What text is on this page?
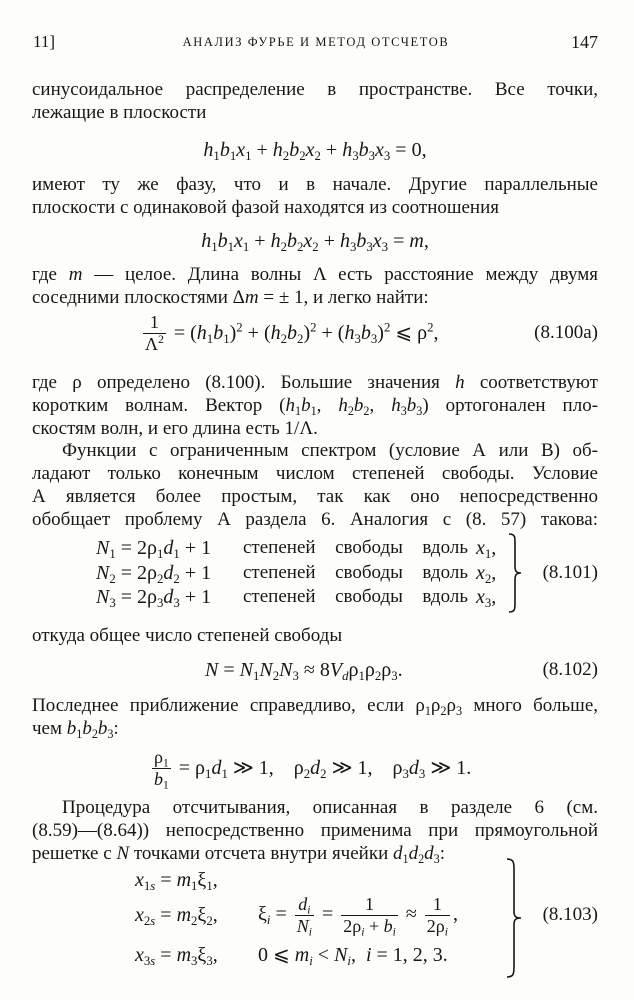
11]	АНАЛИЗ ФУРЬЕ И МЕТОД ОТСЧЕТОВ	147
синусоидальное распределение в пространстве. Все точки,
лежащие в плоскости
$h_1$ $b_1$ $x_1 + h_2$ $b_2$ $x_2 + h_3$ $b_3$ $x_3 = 0$,
имеют ту же фазу, что и в начале. Другие параллельные
плоскости с одинаковой фазой находятся из соотношения
$h_1$ $b_1$ $x_1 + h_2$ $b_2$ $x_2 + h_3$ $b_3$ $x_3 = m$ ,
где m — целое. Длина волны Λ есть расстояние между двумя
соседними плоскостями Δm = ± 1, и легко найти:
$\frac{1}{\Lambda^2}$ = ( $h_1$ $b_1$ )$^2$ + ( $h_2$ $b_2$ )$^2$ + ( $h_3$ $b_3$ )$^2$ ⩽ $\rho^2$ ,	(8.100a)
где ρ определено (8.100). Большие значения h соответствуют
коротким волнам. Вектор ($h_1b_1$, $h_2b_2$, $h_3b_3$) ортогонален пло-
скостям волн, и его длина есть 1/Λ.
Функции с ограниченным спектром (условие А или В) об-
ладают только конечным числом степеней свободы. Условие
А является более простым, так как оно непосредственно
обобщает проблему А раздела 6. Аналогия с (8. 57) такова:
$N_1 = 2\rho_1d_1 + 1$	степеней свободы вдоль $x_1$,
$N_2 = 2\rho_2d_2 + 1$	степеней свободы вдоль $x_2$,
$N_3 = 2\rho_3d_3 + 1$	степеней свободы вдоль $x_3$,
(8.101)
откуда общее число степеней свободы
$N = N_1$ $N_2$ $N_3 \approx 8$ $V_d$ $\rho_1$ $\rho_2$ $\rho_3$ .	(8.102)
Последнее приближение справедливо, если $\rho_1\rho_2\rho_3$ много больше,
чем $b_1b_2b_3$:
$\frac{\rho_1}{b_1} = \rho_1$ $d_1$ ≫ 1, $\rho_2$ $d_2$ ≫ 1, $\rho_3$ $d_3$ ≫ 1.
Процедура отсчитывания, описанная в разделе 6 (см.
(8.59)—(8.64)) непосредственно применима при прямоугольной
решетке с N точками отсчета внутри ячейки $d_1d_2d_3$:
$x_{1s} = m_1\xi_1$,
$x_{2s} = m_2\xi_2$,	$\xi_i = \frac{d_i}{N_i} = \frac{1}{2\rho_i + b_i} \approx \frac{1}{2\rho_i}$ ,
$x_{3s} = m_3\xi_3$,	0 ⩽ $m_i < N_i$,  i = 1, 2, 3.
(8.103)
